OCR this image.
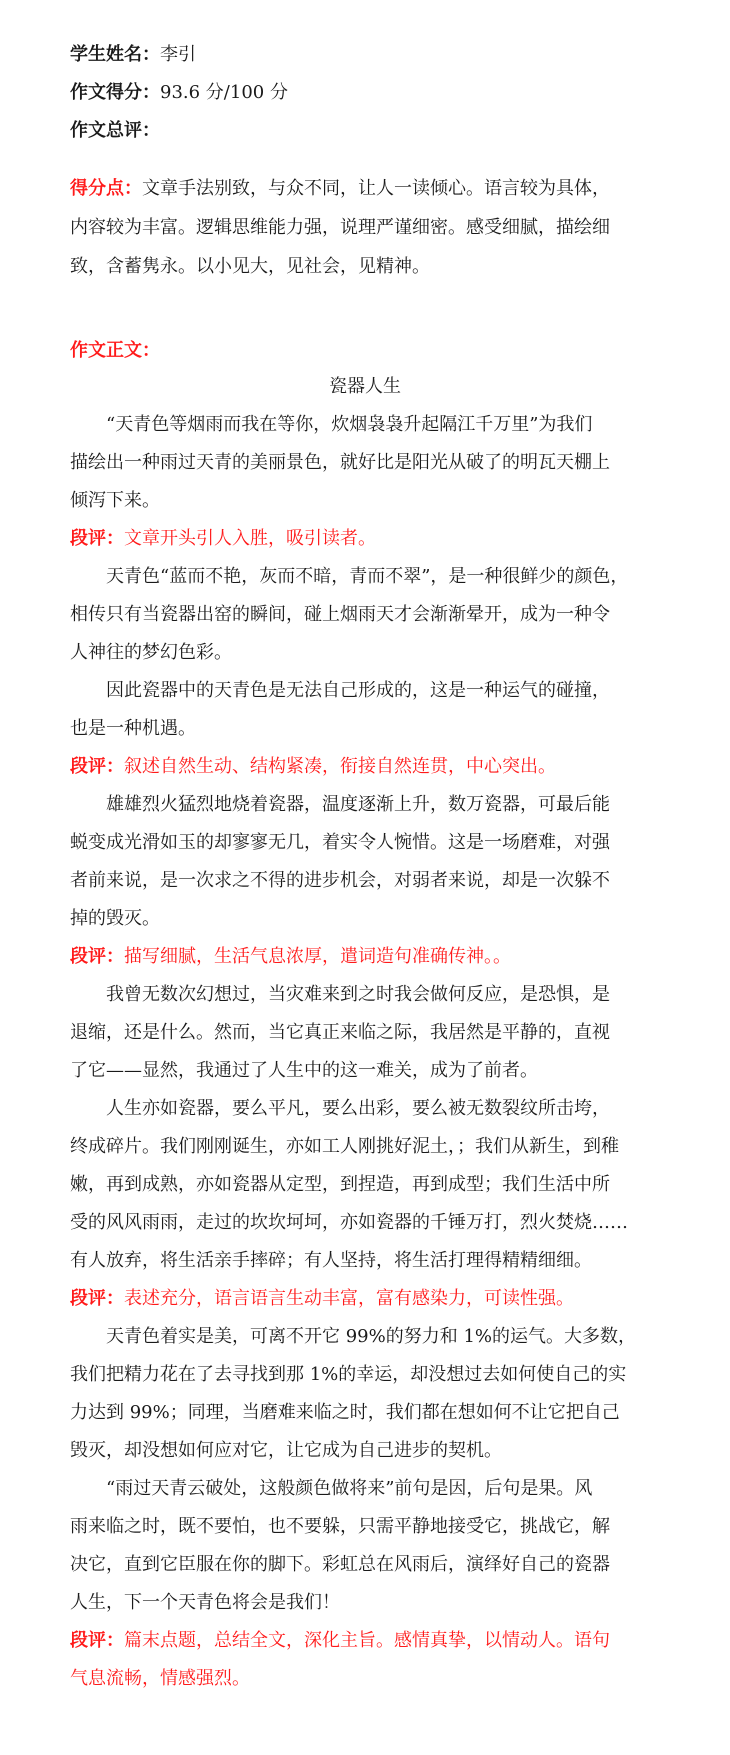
学生姓名：李引
作文得分：93.6 分/100 分
作文总评：
得分点：文章手法别致，与众不同，让人一读倾心。语言较为具体，
内容较为丰富。逻辑思维能力强，说理严谨细密。感受细腻，描绘细
致，含蓄隽永。以小见大，见社会，见精神。
作文正文：
瓷器人生
“天青色等烟雨而我在等你，炊烟袅袅升起隔江千万里”为我们
描绘出一种雨过天青的美丽景色，就好比是阳光从破了的明瓦天棚上
倾泻下来。
段评：文章开头引人入胜，吸引读者。
天青色“蓝而不艳，灰而不暗，青而不翠”，是一种很鲜少的颜色，
相传只有当瓷器出窑的瞬间，碰上烟雨天才会渐渐晕开，成为一种令
人神往的梦幻色彩。
因此瓷器中的天青色是无法自己形成的，这是一种运气的碰撞，
也是一种机遇。
段评：叙述自然生动、结构紧凑，衔接自然连贯，中心突出。
雄雄烈火猛烈地烧着瓷器，温度逐渐上升，数万瓷器，可最后能
蜕变成光滑如玉的却寥寥无几，着实令人惋惜。这是一场磨难，对强
者前来说，是一次求之不得的进步机会，对弱者来说，却是一次躲不
掉的毁灭。
段评：描写细腻，生活气息浓厚，遣词造句准确传神。。
我曾无数次幻想过，当灾难来到之时我会做何反应，是恐惧，是
退缩，还是什么。然而，当它真正来临之际，我居然是平静的，直视
了它——显然，我通过了人生中的这一难关，成为了前者。
人生亦如瓷器，要么平凡，要么出彩，要么被无数裂纹所击垮，
终成碎片。我们刚刚诞生，亦如工人刚挑好泥土，；我们从新生，到稚
嫩，再到成熟，亦如瓷器从定型，到捏造，再到成型；我们生活中所
受的风风雨雨，走过的坎坎坷坷，亦如瓷器的千锤万打，烈火焚烧……
有人放弃，将生活亲手摔碎；有人坚持，将生活打理得精精细细。
段评：表述充分，语言语言生动丰富，富有感染力，可读性强。
天青色着实是美，可离不开它 99%的努力和 1%的运气。大多数，
我们把精力花在了去寻找到那 1%的幸运，却没想过去如何使自己的实
力达到 99%；同理，当磨难来临之时，我们都在想如何不让它把自己
毁灭，却没想如何应对它，让它成为自己进步的契机。
“雨过天青云破处，这般颜色做将来”前句是因，后句是果。风
雨来临之时，既不要怕，也不要躲，只需平静地接受它，挑战它，解
决它，直到它臣服在你的脚下。彩虹总在风雨后，演绎好自己的瓷器
人生，下一个天青色将会是我们！
段评：篇末点题，总结全文，深化主旨。感情真挚，以情动人。语句
气息流畅，情感强烈。
